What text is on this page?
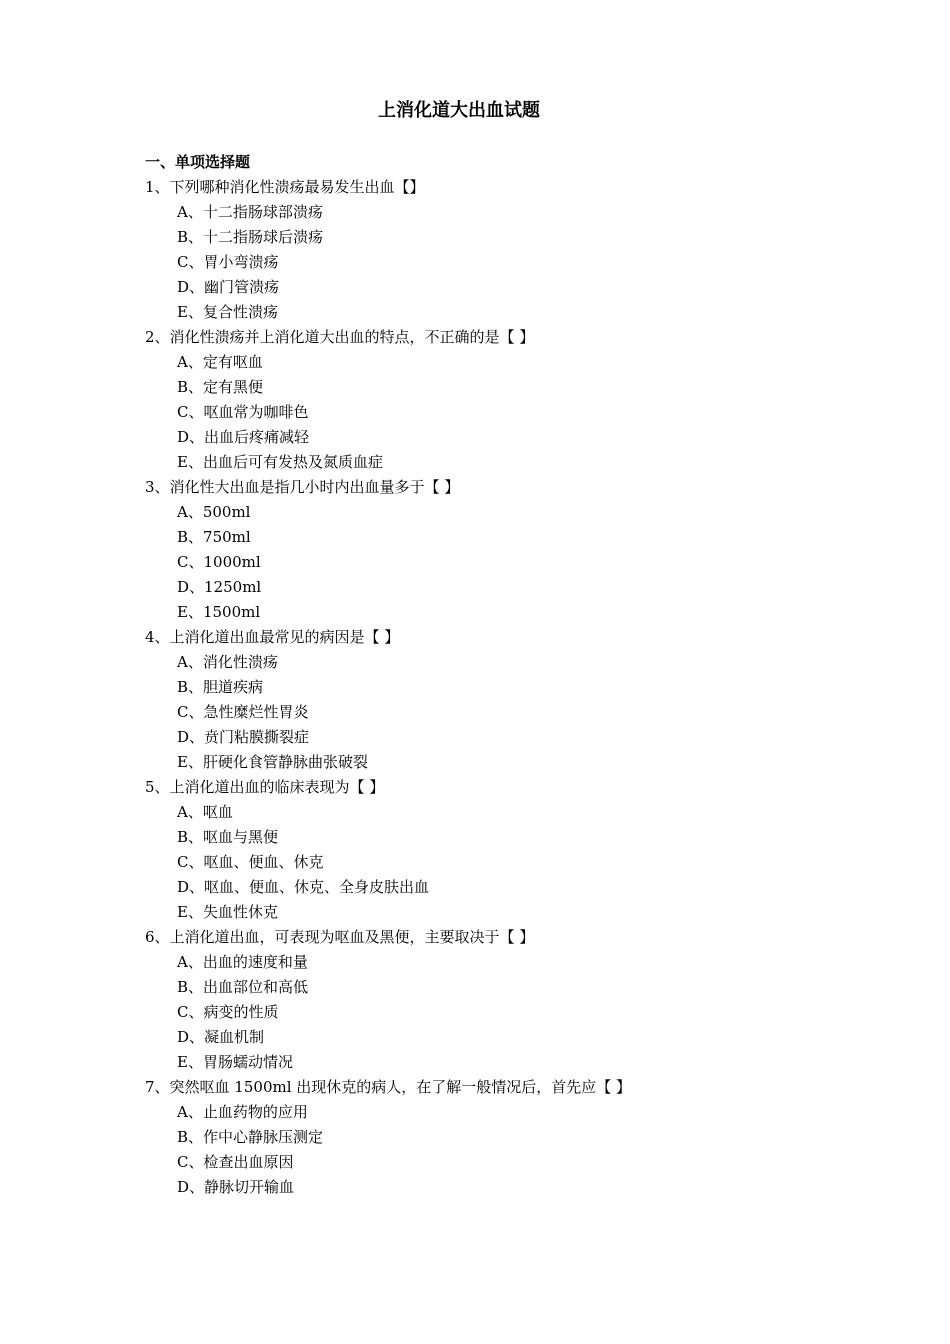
上消化道大出血试题
一、单项选择题
1、下列哪种消化性溃疡最易发生出血【】
A、十二指肠球部溃疡
B、十二指肠球后溃疡
C、胃小弯溃疡
D、幽门管溃疡
E、复合性溃疡
2、消化性溃疡并上消化道大出血的特点，不正确的是【 】
A、定有呕血
B、定有黑便
C、呕血常为咖啡色
D、出血后疼痛减轻
E、出血后可有发热及氮质血症
3、消化性大出血是指几小时内出血量多于【 】
A、500ml
B、750ml
C、1000ml
D、1250ml
E、1500ml
4、上消化道出血最常见的病因是【 】
A、消化性溃疡
B、胆道疾病
C、急性糜烂性胃炎
D、贲门粘膜撕裂症
E、肝硬化食管静脉曲张破裂
5、上消化道出血的临床表现为【 】
A、呕血
B、呕血与黑便
C、呕血、便血、休克
D、呕血、便血、休克、全身皮肤出血
E、失血性休克
6、上消化道出血，可表现为呕血及黑便，主要取决于【 】
A、出血的速度和量
B、出血部位和高低
C、病变的性质
D、凝血机制
E、胃肠蠕动情况
7、突然呕血 1500ml 出现休克的病人，在了解一般情况后，首先应【 】
A、止血药物的应用
B、作中心静脉压测定
C、检查出血原因
D、静脉切开输血
